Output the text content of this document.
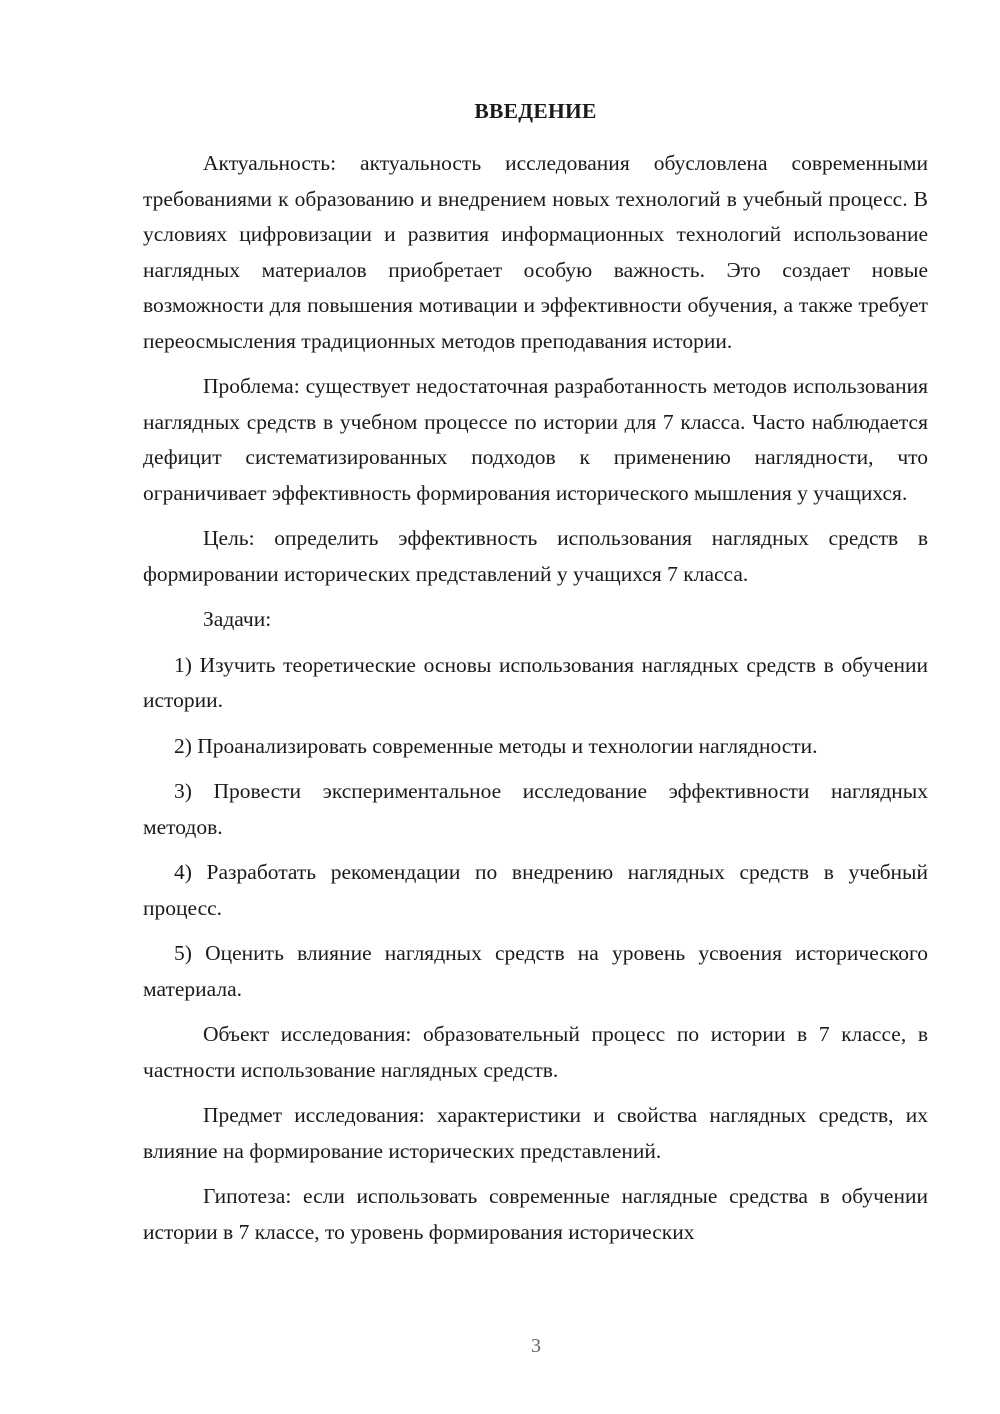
ВВЕДЕНИЕ

Актуальность: актуальность исследования обусловлена современными требованиями к образованию и внедрением новых технологий в учебный процесс. В условиях цифровизации и развития информационных технологий использование наглядных материалов приобретает особую важность. Это создает новые возможности для повышения мотивации и эффективности обучения, а также требует переосмысления традиционных методов преподавания истории.

Проблема: существует недостаточная разработанность методов использования наглядных средств в учебном процессе по истории для 7 класса. Часто наблюдается дефицит систематизированных подходов к применению наглядности, что ограничивает эффективность формирования исторического мышления у учащихся.

Цель: определить эффективность использования наглядных средств в формировании исторических представлений у учащихся 7 класса.

Задачи:

1) Изучить теоретические основы использования наглядных средств в обучении истории.

2) Проанализировать современные методы и технологии наглядности.

3) Провести экспериментальное исследование эффективности наглядных методов.

4) Разработать рекомендации по внедрению наглядных средств в учебный процесс.

5) Оценить влияние наглядных средств на уровень усвоения исторического материала.

Объект исследования: образовательный процесс по истории в 7 классе, в частности использование наглядных средств.

Предмет исследования: характеристики и свойства наглядных средств, их влияние на формирование исторических представлений.

Гипотеза: если использовать современные наглядные средства в обучении истории в 7 классе, то уровень формирования исторических

3
